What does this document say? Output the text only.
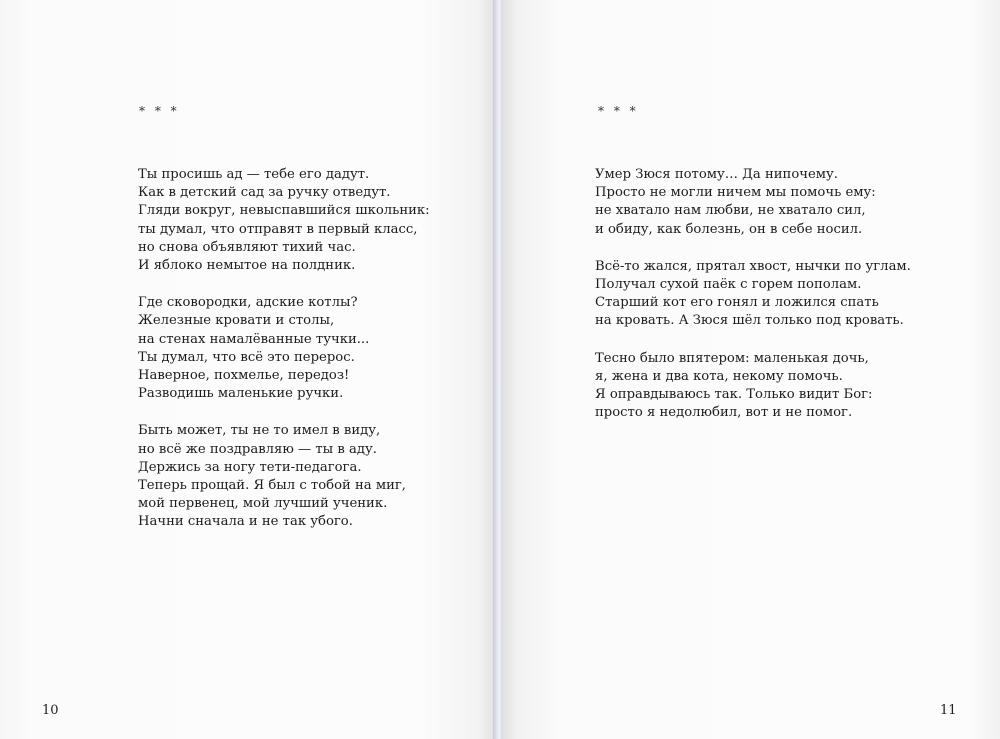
* * *
Ты просишь ад — тебе его дадут.
Как в детский сад за ручку отведут.
Гляди вокруг, невыспавшийся школьник:
ты думал, что отправят в первый класс,
но снова объявляют тихий час.
И яблоко немытое на полдник.
Где сковородки, адские котлы?
Железные кровати и столы,
на стенах намалёванные тучки...
Ты думал, что всё это перерос.
Наверное, похмелье, передоз!
Разводишь маленькие ручки.
Быть может, ты не то имел в виду,
но всё же поздравляю — ты в аду.
Держись за ногу тети-педагога.
Теперь прощай. Я был с тобой на миг,
мой первенец, мой лучший ученик.
Начни сначала и не так убого.
10
* * *
Умер Зюся потому… Да нипочему.
Просто не могли ничем мы помочь ему:
не хватало нам любви, не хватало сил,
и обиду, как болезнь, он в себе носил.
Всё-то жался, прятал хвост, нычки по углам.
Получал сухой паёк с горем пополам.
Старший кот его гонял и ложился спать
на кровать. А Зюся шёл только под кровать.
Тесно было впятером: маленькая дочь,
я, жена и два кота, некому помочь.
Я оправдываюсь так. Только видит Бог:
просто я недолюбил, вот и не помог.
11
